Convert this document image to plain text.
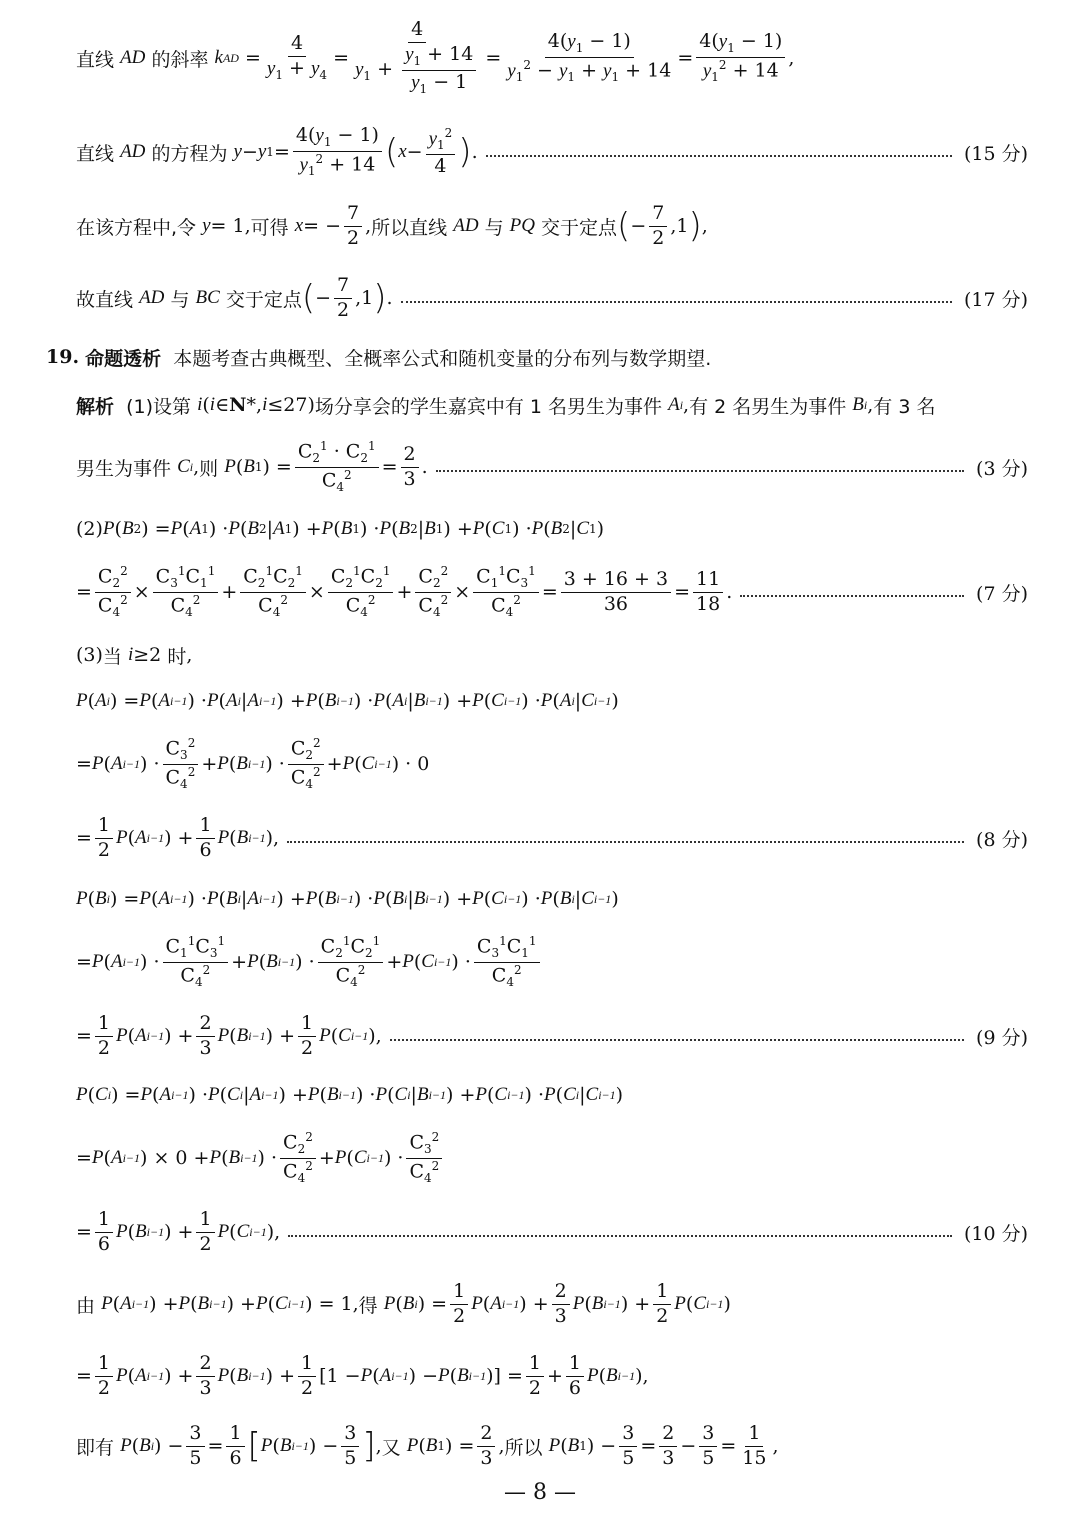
直线
AD
的斜率
k AD = $\frac{4}{y_1 + y_4} = \frac{4}{y_1 + \frac{y_1 + 14}{y_1 - 1}} = \frac{4(y_1 - 1)}{y_1^2 - y_1 + y_1 + 14} = \frac{4(y_1 - 1)}{y_1^2 + 14}$ ,
直线
AD
的方程为
y − y $1 = \frac{4(y_1 - 1)}{y_1^2 + 14}$ ( $x - \frac{y_1^2}{4}$ ) .	(15 分)
在该方程中,令
y = 1, 可得
x = − $\frac{7}{2}$ , 所以直线
AD
与
PQ
交于定点 ( − $\frac{7}{2} ,1$ ) ,
故直线
AD
与
BC
交于定点 ( − $\frac{7}{2} ,1$ ) .	(17 分)
19.
命题透析
本题考查古典概型、全概率公式和随机变量的分布列与数学期望.
解析
(1)设第
i ( i ∈ N *, i ≤27) 场分享会的学生嘉宾中有 1 名男生为事件
A i , 有 2 名男生为事件
B i , 有 3 名
男生为事件
C i , 则
P ( B 1 ) = $\frac{C_2^1 \cdot C_2^1}{C_4^2} = \frac{2}{3}$ .	(3 分)
(2) P ( B 2 ) = P ( A 1 ) · P ( B 2 | A 1 ) + P ( B 1 ) · P ( B 2 | B 1 ) + P ( C 1 ) · P ( B 2 | C 1 )
= $\frac{C_2^2}{C_4^2} \times \frac{C_3^1C_1^1}{C_4^2} + \frac{C_2^1C_2^1}{C_4^2} \times \frac{C_2^1C_2^1}{C_4^2} + \frac{C_2^2}{C_4^2} \times \frac{C_1^1C_3^1}{C_4^2} = \frac{3 + 16 + 3}{36} = \frac{11}{18}$ .	(7 分)
(3) 当
i ≥2 时 ,
P ( A i ) = P ( A i−1 ) · P ( A i | A i−1 ) + P ( B i−1 ) · P ( A i | B i−1 ) + P ( C i−1 ) · P ( A i | C i−1 )
= P ( A i−1 ) · $\frac{C_3^2}{C_4^2} + P$ ( B i−1 ) · $\frac{C_2^2}{C_4^2} + P$ ( C i−1 ) · 0
= $\frac{1}{2}$ P ( A i−1 ) + $\frac{1}{6}$ P ( B i−1 ),	(8 分)
P ( B i ) = P ( A i−1 ) · P ( B i | A i−1 ) + P ( B i−1 ) · P ( B i | B i−1 ) + P ( C i−1 ) · P ( B i | C i−1 )
= P ( A i−1 ) · $\frac{C_1^1C_3^1}{C_4^2} + P$ ( B i−1 ) · $\frac{C_2^1C_2^1}{C_4^2} + P$ ( C i−1 ) · $\frac{C_3^1C_1^1}{C_4^2}$
= $\frac{1}{2}$ P ( A i−1 ) + $\frac{2}{3}$ P ( B i−1 ) + $\frac{1}{2}$ P ( C i−1 ),	(9 分)
P ( C i ) = P ( A i−1 ) · P ( C i | A i−1 ) + P ( B i−1 ) · P ( C i | B i−1 ) + P ( C i−1 ) · P ( C i | C i−1 )
= P ( A i−1 ) × 0 + P ( B i−1 ) · $\frac{C_2^2}{C_4^2} + P$ ( C i−1 ) · $\frac{C_3^2}{C_4^2}$
= $\frac{1}{6}$ P ( B i−1 ) + $\frac{1}{2}$ P ( C i−1 ),	(10 分)
由
P ( A i−1 ) + P ( B i−1 ) + P ( C i−1 ) = 1, 得
P ( B i ) = $\frac{1}{2}$ P ( A i−1 ) + $\frac{2}{3}$ P ( B i−1 ) + $\frac{1}{2}$ P ( C i−1 )
= $\frac{1}{2}$ P ( A i−1 ) + $\frac{2}{3}$ P ( B i−1 ) + $\frac{1}{2} [1 - P$ ( A i−1 ) − P ( B i−1 )] = $\frac{1}{2} + \frac{1}{6}$ P ( B i−1 ),
即有
P ( B i ) − $\frac{3}{5} = \frac{1}{6}$ [ P ( B i−1 ) − $\frac{3}{5}$ ] , 又
P ( B 1 ) = $\frac{2}{3}$ , 所以
P ( B 1 ) − $\frac{3}{5} = \frac{2}{3} - \frac{3}{5} = \frac{1}{15}$ ,
— 8 —
